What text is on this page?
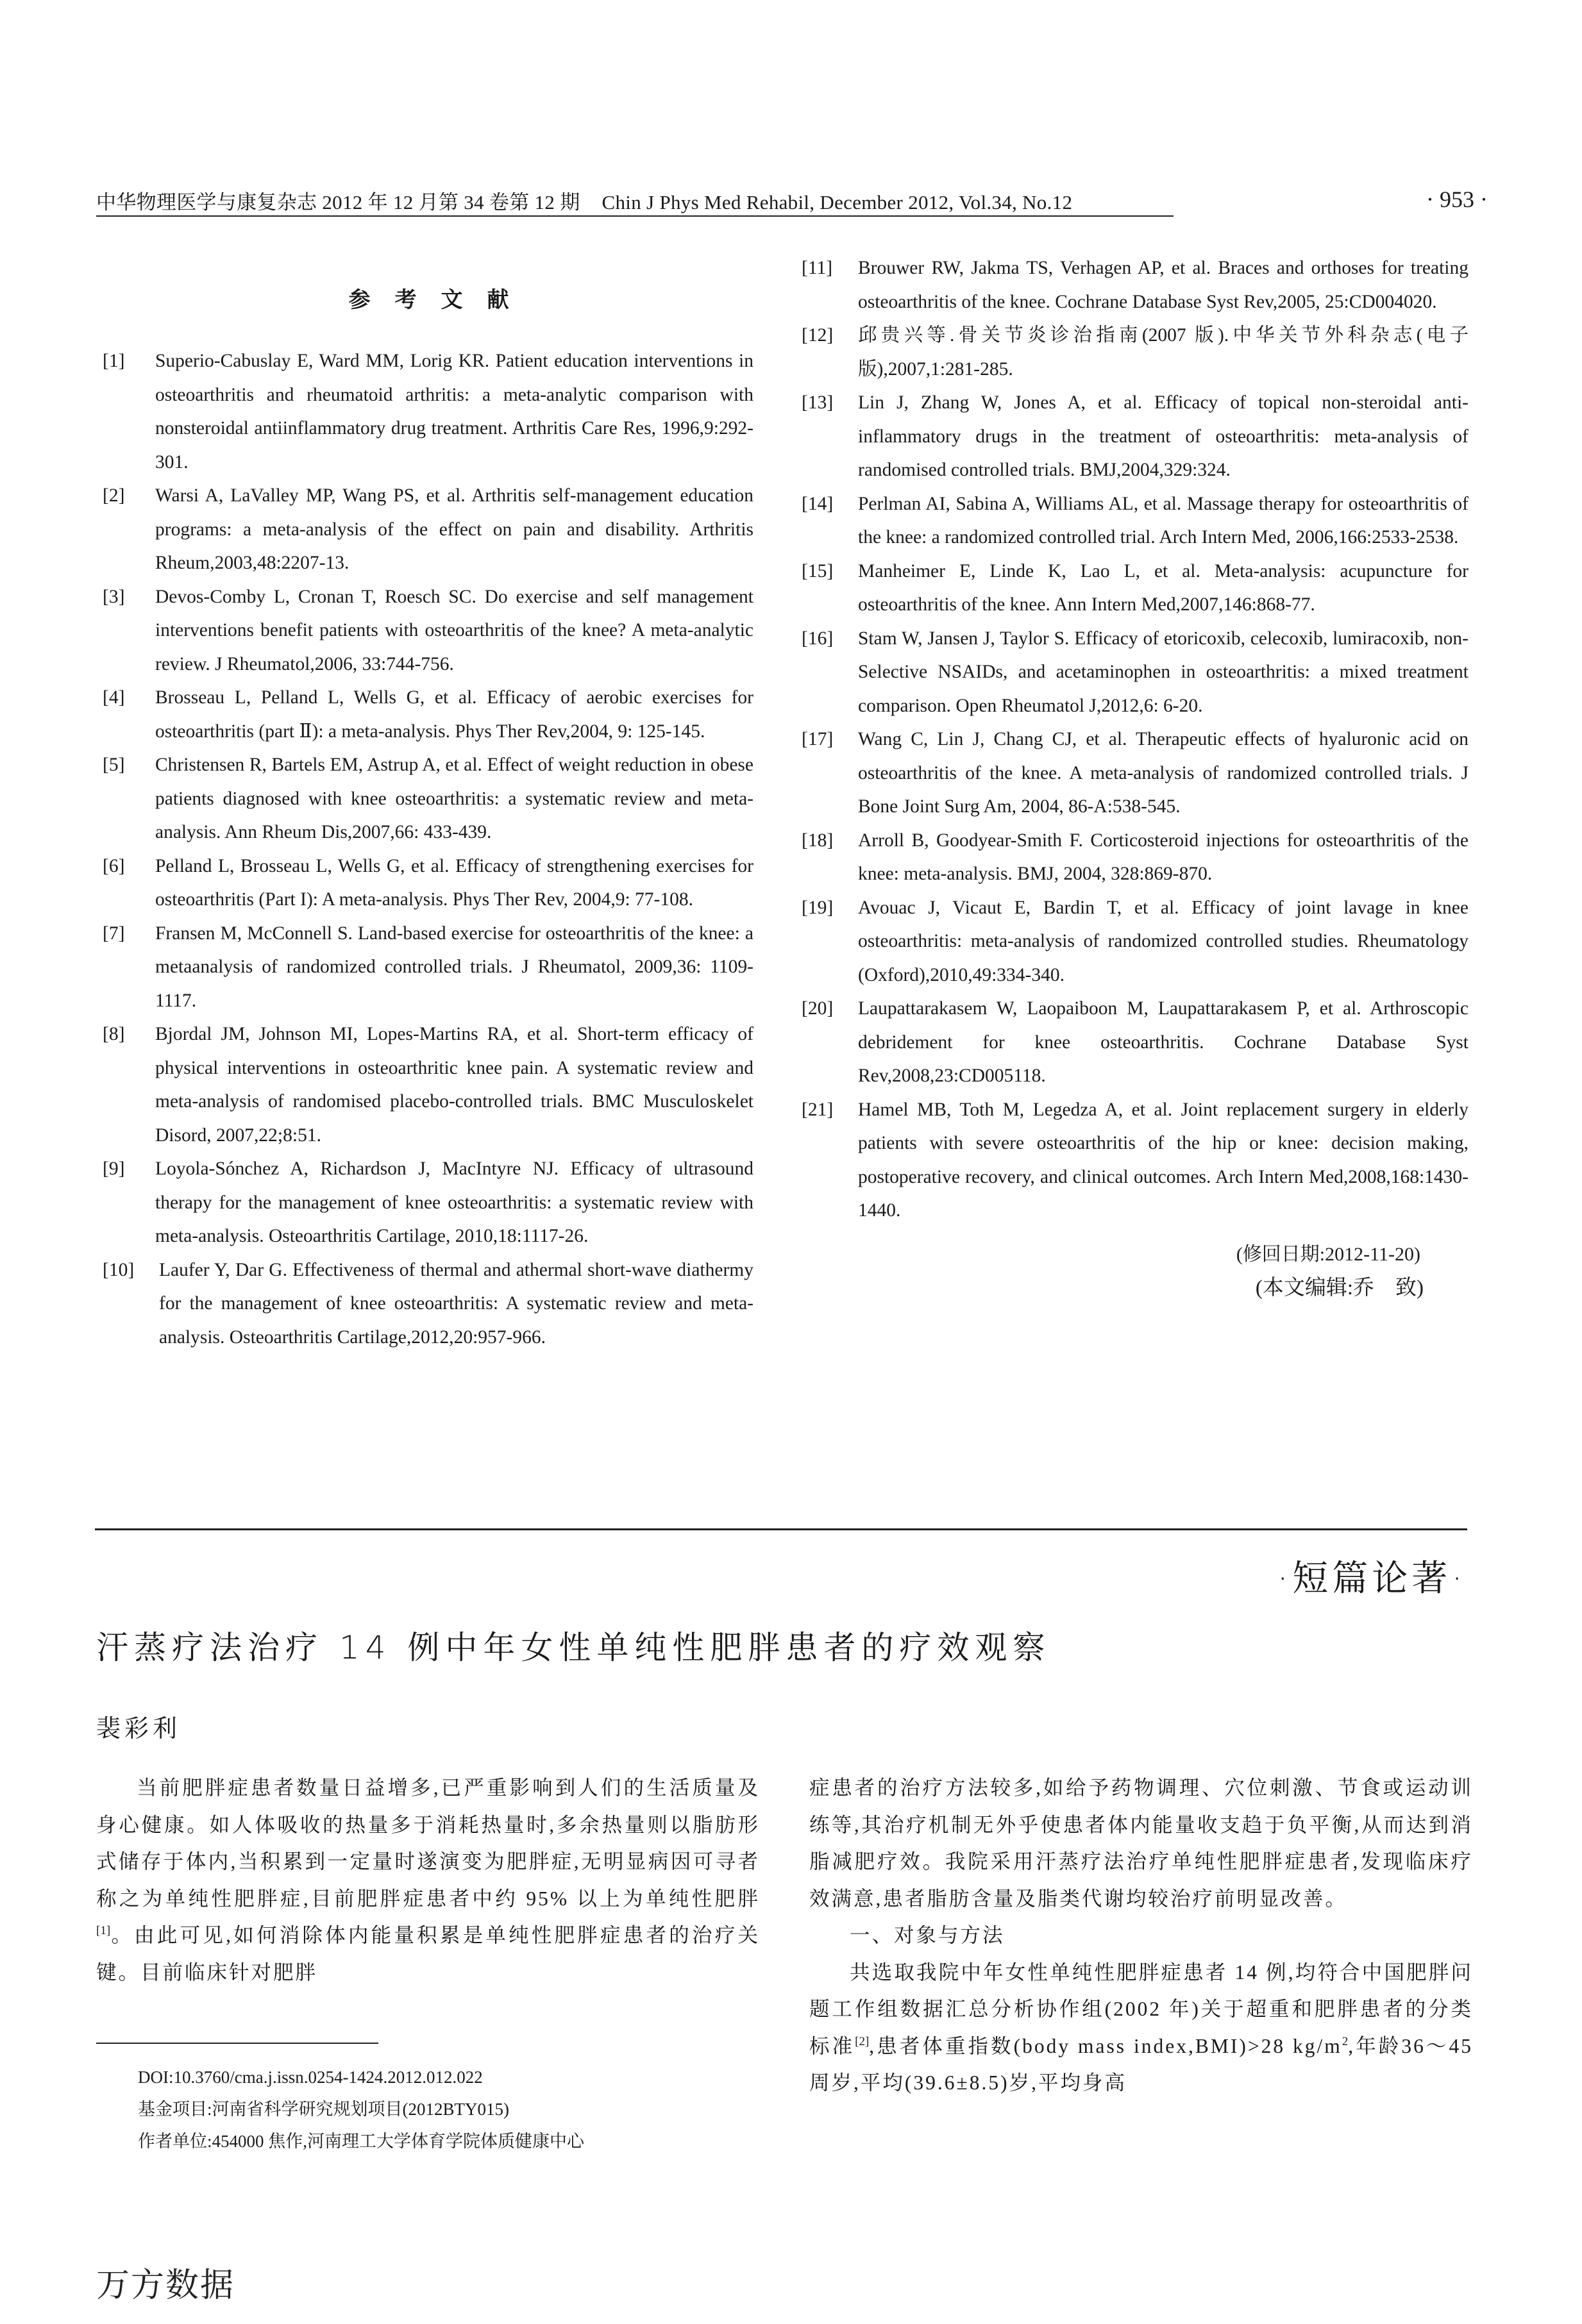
中华物理医学与康复杂志 2012 年 12 月第 34 卷第 12 期 Chin J Phys Med Rehabil, December 2012, Vol.34, No.12	· 953 ·
参考文献
[1]	Superio-Cabuslay E, Ward MM, Lorig KR. Patient education interventions in osteoarthritis and rheumatoid arthritis: a meta-analytic comparison with nonsteroidal antiinflammatory drug treatment. Arthritis Care Res, 1996,9:292-301.
[2]	Warsi A, LaValley MP, Wang PS, et al. Arthritis self-management education programs: a meta-analysis of the effect on pain and disability. Arthritis Rheum,2003,48:2207-13.
[3]	Devos-Comby L, Cronan T, Roesch SC. Do exercise and self management interventions benefit patients with osteoarthritis of the knee? A meta-analytic review. J Rheumatol,2006, 33:744-756.
[4]	Brosseau L, Pelland L, Wells G, et al. Efficacy of aerobic exercises for osteoarthritis (part Ⅱ): a meta-analysis. Phys Ther Rev,2004, 9: 125-145.
[5]	Christensen R, Bartels EM, Astrup A, et al. Effect of weight reduction in obese patients diagnosed with knee osteoarthritis: a systematic review and meta-analysis. Ann Rheum Dis,2007,66: 433-439.
[6]	Pelland L, Brosseau L, Wells G, et al. Efficacy of strengthening exercises for osteoarthritis (Part I): A meta-analysis. Phys Ther Rev, 2004,9: 77-108.
[7]	Fransen M, McConnell S. Land-based exercise for osteoarthritis of the knee: a metaanalysis of randomized controlled trials. J Rheumatol, 2009,36: 1109-1117.
[8]	Bjordal JM, Johnson MI, Lopes-Martins RA, et al. Short-term efficacy of physical interventions in osteoarthritic knee pain. A systematic review and meta-analysis of randomised placebo-controlled trials. BMC Musculoskelet Disord, 2007,22;8:51.
[9]	Loyola-Sónchez A, Richardson J, MacIntyre NJ. Efficacy of ultrasound therapy for the management of knee osteoarthritis: a systematic review with meta-analysis. Osteoarthritis Cartilage, 2010,18:1117-26.
[10]	Laufer Y, Dar G. Effectiveness of thermal and athermal short-wave diathermy for the management of knee osteoarthritis: A systematic review and meta-analysis. Osteoarthritis Cartilage,2012,20:957-966.
[11]	Brouwer RW, Jakma TS, Verhagen AP, et al. Braces and orthoses for treating osteoarthritis of the knee. Cochrane Database Syst Rev,2005, 25:CD004020.
[12]	邱贵兴等.骨关节炎诊治指南(2007 版).中华关节外科杂志(电子版),2007,1:281-285.
[13]	Lin J, Zhang W, Jones A, et al. Efficacy of topical non-steroidal anti-inflammatory drugs in the treatment of osteoarthritis: meta-analysis of randomised controlled trials. BMJ,2004,329:324.
[14]	Perlman AI, Sabina A, Williams AL, et al. Massage therapy for osteoarthritis of the knee: a randomized controlled trial. Arch Intern Med, 2006,166:2533-2538.
[15]	Manheimer E, Linde K, Lao L, et al. Meta-analysis: acupuncture for osteoarthritis of the knee. Ann Intern Med,2007,146:868-77.
[16]	Stam W, Jansen J, Taylor S. Efficacy of etoricoxib, celecoxib, lumiracoxib, non-Selective NSAIDs, and acetaminophen in osteoarthritis: a mixed treatment comparison. Open Rheumatol J,2012,6: 6-20.
[17]	Wang C, Lin J, Chang CJ, et al. Therapeutic effects of hyaluronic acid on osteoarthritis of the knee. A meta-analysis of randomized controlled trials. J Bone Joint Surg Am, 2004, 86-A:538-545.
[18]	Arroll B, Goodyear-Smith F. Corticosteroid injections for osteoarthritis of the knee: meta-analysis. BMJ, 2004, 328:869-870.
[19]	Avouac J, Vicaut E, Bardin T, et al. Efficacy of joint lavage in knee osteoarthritis: meta-analysis of randomized controlled studies. Rheumatology (Oxford),2010,49:334-340.
[20]	Laupattarakasem W, Laopaiboon M, Laupattarakasem P, et al. Arthroscopic debridement for knee osteoarthritis. Cochrane Database Syst Rev,2008,23:CD005118.
[21]	Hamel MB, Toth M, Legedza A, et al. Joint replacement surgery in elderly patients with severe osteoarthritis of the hip or knee: decision making, postoperative recovery, and clinical outcomes. Arch Intern Med,2008,168:1430-1440.
(修回日期:2012-11-20)
(本文编辑:乔　致)
·短篇论著·
汗蒸疗法治疗 14 例中年女性单纯性肥胖患者的疗效观察
裴彩利

当前肥胖症患者数量日益增多,已严重影响到人们的生活质量及身心健康。如人体吸收的热量多于消耗热量时,多余热量则以脂肪形式储存于体内,当积累到一定量时遂演变为肥胖症,无明显病因可寻者称之为单纯性肥胖症,目前肥胖症患者中约 95% 以上为单纯性肥胖[1]。由此可见,如何消除体内能量积累是单纯性肥胖症患者的治疗关键。目前临床针对肥胖

症患者的治疗方法较多,如给予药物调理、穴位刺激、节食或运动训练等,其治疗机制无外乎使患者体内能量收支趋于负平衡,从而达到消脂减肥疗效。我院采用汗蒸疗法治疗单纯性肥胖症患者,发现临床疗效满意,患者脂肪含量及脂类代谢均较治疗前明显改善。

一、对象与方法

共选取我院中年女性单纯性肥胖症患者 14 例,均符合中国肥胖问题工作组数据汇总分析协作组(2002 年)关于超重和肥胖患者的分类标准[2],患者体重指数(body mass index,BMI)>28 $kg/m^2$,年龄36～45周岁,平均(39.6±8.5)岁,平均身高

DOI:10.3760/cma.j.issn.0254-1424.2012.012.022
基金项目:河南省科学研究规划项目(2012BTY015)
作者单位:454000 焦作,河南理工大学体育学院体质健康中心
万方数据
